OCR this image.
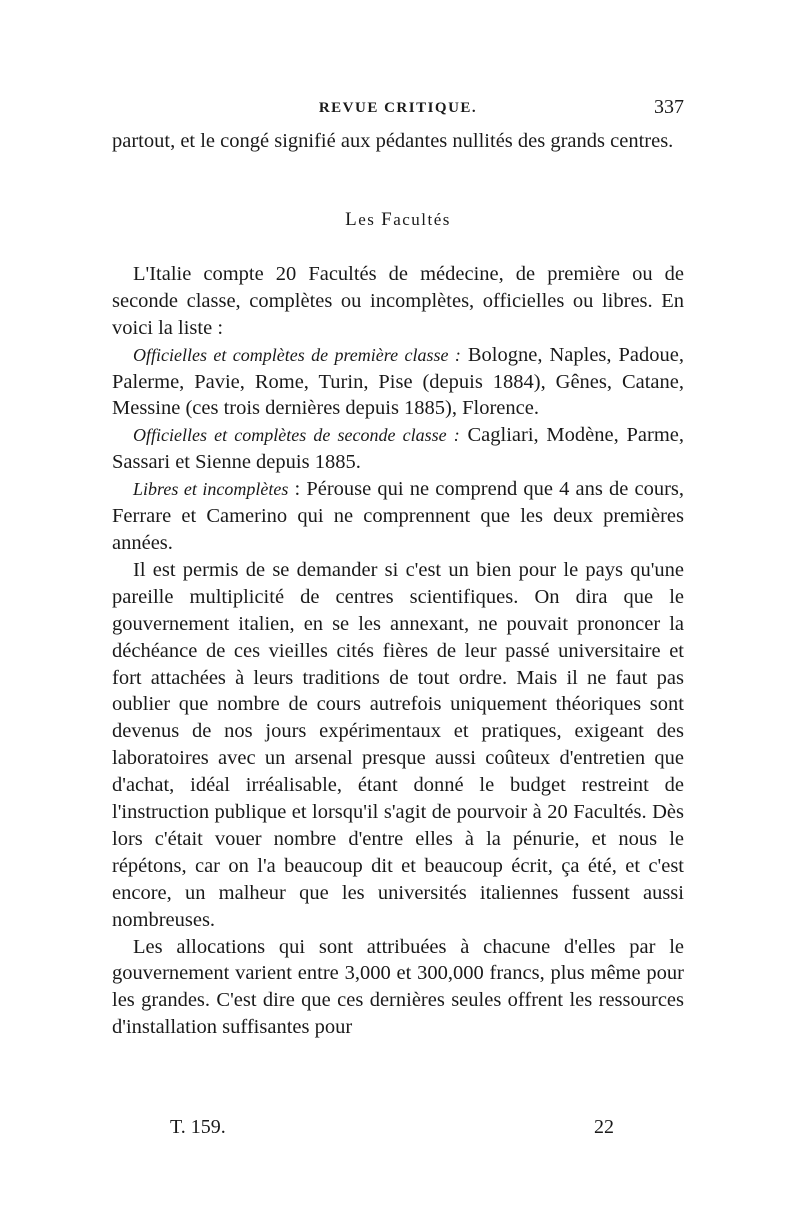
REVUE CRITIQUE.	337

partout, et le congé signifié aux pédantes nullités des grands centres.

Les Facultés

L'Italie compte 20 Facultés de médecine, de première ou de seconde classe, complètes ou incomplètes, officielles ou libres. En voici la liste :

Officielles et complètes de première classe : Bologne, Naples, Padoue, Palerme, Pavie, Rome, Turin, Pise (depuis 1884), Gênes, Catane, Messine (ces trois dernières depuis 1885), Florence.

Officielles et complètes de seconde classe : Cagliari, Modène, Parme, Sassari et Sienne depuis 1885.

Libres et incomplètes : Pérouse qui ne comprend que 4 ans de cours, Ferrare et Camerino qui ne comprennent que les deux premières années.

Il est permis de se demander si c'est un bien pour le pays qu'une pareille multiplicité de centres scientifiques. On dira que le gouvernement italien, en se les annexant, ne pouvait prononcer la déchéance de ces vieilles cités fières de leur passé universitaire et fort attachées à leurs traditions de tout ordre. Mais il ne faut pas oublier que nombre de cours autrefois uniquement théoriques sont devenus de nos jours expérimentaux et pratiques, exigeant des laboratoires avec un arsenal presque aussi coûteux d'entretien que d'achat, idéal irréalisable, étant donné le budget restreint de l'instruction publique et lorsqu'il s'agit de pourvoir à 20 Facultés. Dès lors c'était vouer nombre d'entre elles à la pénurie, et nous le répétons, car on l'a beaucoup dit et beaucoup écrit, ça été, et c'est encore, un malheur que les universités italiennes fussent aussi nombreuses.

Les allocations qui sont attribuées à chacune d'elles par le gouvernement varient entre 3,000 et 300,000 francs, plus même pour les grandes. C'est dire que ces dernières seules offrent les ressources d'installation suffisantes pour

T. 159.	22
